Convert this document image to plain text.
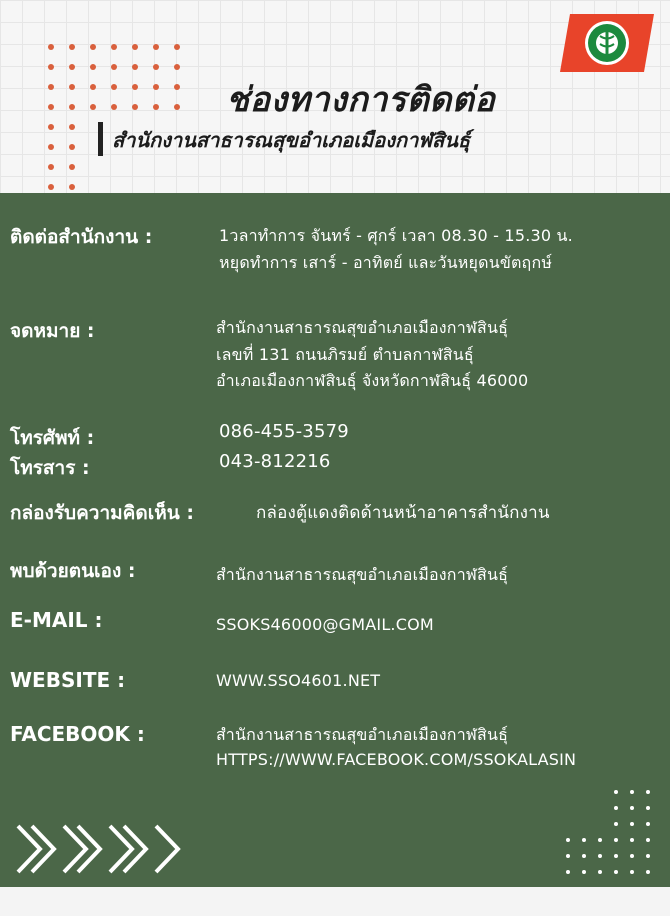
ช่องทางการติดต่อ
สำนักงานสาธารณสุขอำเภอเมืองกาฬสินธุ์
ติดต่อสำนักงาน :	1วลาทำการ จันทร์ - ศุกร์ เวลา 08.30 - 15.30 น.
หยุดทำการ เสาร์ - อาทิตย์ และวันหยุดนขัตฤกษ์
จดหมาย :	สำนักงานสาธารณสุขอำเภอเมืองกาฬสินธุ์
เลขที่ 131 ถนนภิรมย์ ตำบลกาฬสินธุ์
อำเภอเมืองกาฬสินธุ์ จังหวัดกาฬสินธุ์ 46000
โทรศัพท์ :	086-455-3579
โทรสาร :	043-812216
กล่องรับความคิดเห็น :	กล่องตู้แดงติดด้านหน้าอาคารสำนักงาน
พบด้วยตนเอง :	สำนักงานสาธารณสุขอำเภอเมืองกาฬสินธุ์
E-MAIL :	SSOKS46000@GMAIL.COM
WEBSITE :	WWW.SSO4601.NET
FACEBOOK :	สำนักงานสาธารณสุขอำเภอเมืองกาฬสินธุ์
HTTPS://WWW.FACEBOOK.COM/SSOKALASIN
